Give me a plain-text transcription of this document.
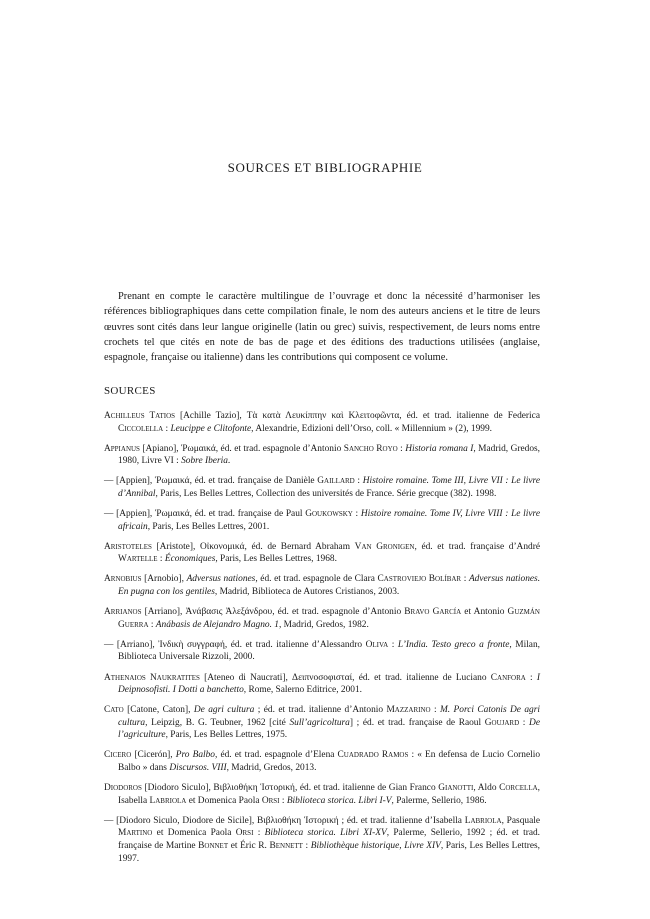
SOURCES ET BIBLIOGRAPHIE

Prenant en compte le caractère multilingue de l’ouvrage et donc la nécessité d’harmoniser les références bibliographiques dans cette compilation finale, le nom des auteurs anciens et le titre de leurs œuvres sont cités dans leur langue originelle (latin ou grec) suivis, respectivement, de leurs noms entre crochets tel que cités en note de bas de page et des éditions des traductions utilisées (anglaise, espagnole, française ou italienne) dans les contributions qui composent ce volume.

SOURCES

Achilleus Tatios [Achille Tazio], Τὰ κατὰ Λευκίππην καὶ Κλειτοφῶντα, éd. et trad. italienne de Federica Ciccolella : Leucippe e Clitofonte, Alexandrie, Edizioni dell’Orso, coll. « Millennium » (2), 1999.

Appianus [Apiano], Ῥωμαικά, éd. et trad. espagnole d’Antonio Sancho Royo : Historia romana I, Madrid, Gredos, 1980, Livre VI : Sobre Iberia.

— [Appien], Ῥωμαικά, éd. et trad. française de Danièle Gaillard : Histoire romaine. Tome III, Livre VII : Le livre d’Annibal, Paris, Les Belles Lettres, Collection des universités de France. Série grecque (382). 1998.

— [Appien], Ῥωμαικά, éd. et trad. française de Paul Goukowsky : Histoire romaine. Tome IV, Livre VIII : Le livre africain, Paris, Les Belles Lettres, 2001.

Aristoteles [Aristote], Οἰκονομικά, éd. de Bernard Abraham Van Gronigen, éd. et trad. française d’André Wartelle : Économiques, Paris, Les Belles Lettres, 1968.

Arnobius [Arnobio], Adversus nationes, éd. et trad. espagnole de Clara Castroviejo Bolíbar : Adversus nationes. En pugna con los gentiles, Madrid, Biblioteca de Autores Cristianos, 2003.

Arrianos [Arriano], Ἀνάβασις Ἀλεξάνδρου, éd. et trad. espagnole d’Antonio Bravo García et Antonio Guzmán Guerra : Anábasis de Alejandro Magno. 1, Madrid, Gredos, 1982.

— [Arriano], Ἰνδικὴ συγγραφή, éd. et trad. italienne d’Alessandro Oliva : L’India. Testo greco a fronte, Milan, Biblioteca Universale Rizzoli, 2000.

Athenaios Naukratites [Ateneo di Naucrati], Δειπνοσοφισταί, éd. et trad. italienne de Luciano Canfora : I Deipnosofisti. I Dotti a banchetto, Rome, Salerno Editrice, 2001.

Cato [Catone, Caton], De agri cultura ; éd. et trad. italienne d’Antonio Mazzarino : M. Porci Catonis De agri cultura, Leipzig, B. G. Teubner, 1962 [cité Sull’agricoltura] ; éd. et trad. française de Raoul Goujard : De l’agriculture, Paris, Les Belles Lettres, 1975.

Cicero [Cicerón], Pro Balbo, éd. et trad. espagnole d’Elena Cuadrado Ramos : « En defensa de Lucio Cornelio Balbo » dans Discursos. VIII, Madrid, Gredos, 2013.

Diodoros [Diodoro Siculo], Βιβλιοθήκη Ἱστορική, éd. et trad. italienne de Gian Franco Gianotti, Aldo Corcella, Isabella Labriola et Domenica Paola Orsi : Biblioteca storica. Libri I-V, Palerme, Sellerio, 1986.

— [Diodoro Siculo, Diodore de Sicile], Βιβλιοθήκη Ἱστορική ; éd. et trad. italienne d’Isabella Labriola, Pasquale Martino et Domenica Paola Orsi : Biblioteca storica. Libri XI-XV, Palerme, Sellerio, 1992 ; éd. et trad. française de Martine Bonnet et Éric R. Bennett : Bibliothèque historique, Livre XIV, Paris, Les Belles Lettres, 1997.
